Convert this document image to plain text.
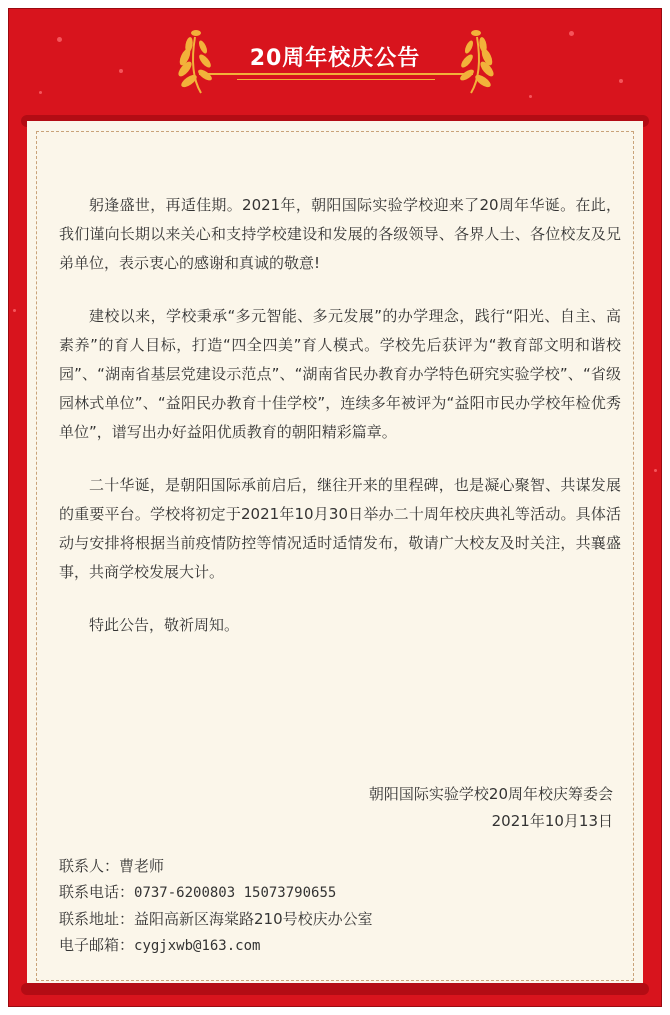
20周年校庆公告

躬逢盛世，再适佳期。2021年，朝阳国际实验学校迎来了20周年华诞。在此，我们谨向长期以来关心和支持学校建设和发展的各级领导、各界人士、各位校友及兄弟单位，表示衷心的感谢和真诚的敬意!

建校以来，学校秉承“多元智能、多元发展”的办学理念，践行“阳光、自主、高素养”的育人目标，打造“四全四美”育人模式。学校先后获评为“教育部文明和谐校园”、“湖南省基层党建设示范点”、“湖南省民办教育办学特色研究实验学校”、“省级园林式单位”、“益阳民办教育十佳学校”，连续多年被评为“益阳市民办学校年检优秀单位”，谱写出办好益阳优质教育的朝阳精彩篇章。

二十华诞，是朝阳国际承前启后，继往开来的里程碑，也是凝心聚智、共谋发展的重要平台。学校将初定于2021年10月30日举办二十周年校庆典礼等活动。具体活动与安排将根据当前疫情防控等情况适时适情发布，敬请广大校友及时关注，共襄盛事，共商学校发展大计。

特此公告，敬祈周知。

朝阳国际实验学校20周年校庆筹委会
2021年10月13日
联系人：曹老师
联系电话：0737-6200803 15073790655
联系地址：益阳高新区海棠路210号校庆办公室
电子邮箱：cygjxwb@163.com
